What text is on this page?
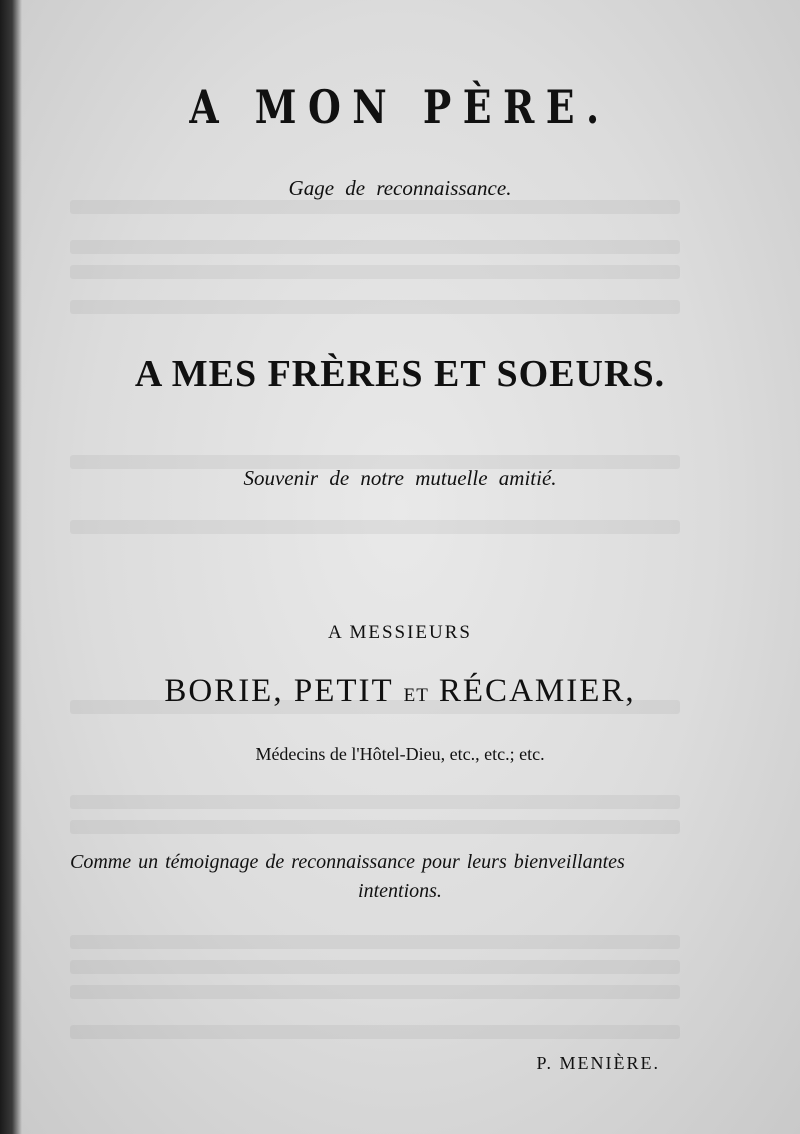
A MON PÈRE.
Gage de reconnaissance.
A MES FRÈRES ET SOEURS.
Souvenir de notre mutuelle amitié.
A MESSIEURS
BORIE, PETIT ET RÉCAMIER,
Médecins de l'Hôtel-Dieu, etc., etc.; etc.
Comme un témoignage de reconnaissance pour leurs bienveillantes
intentions.
P. MENIÈRE.
